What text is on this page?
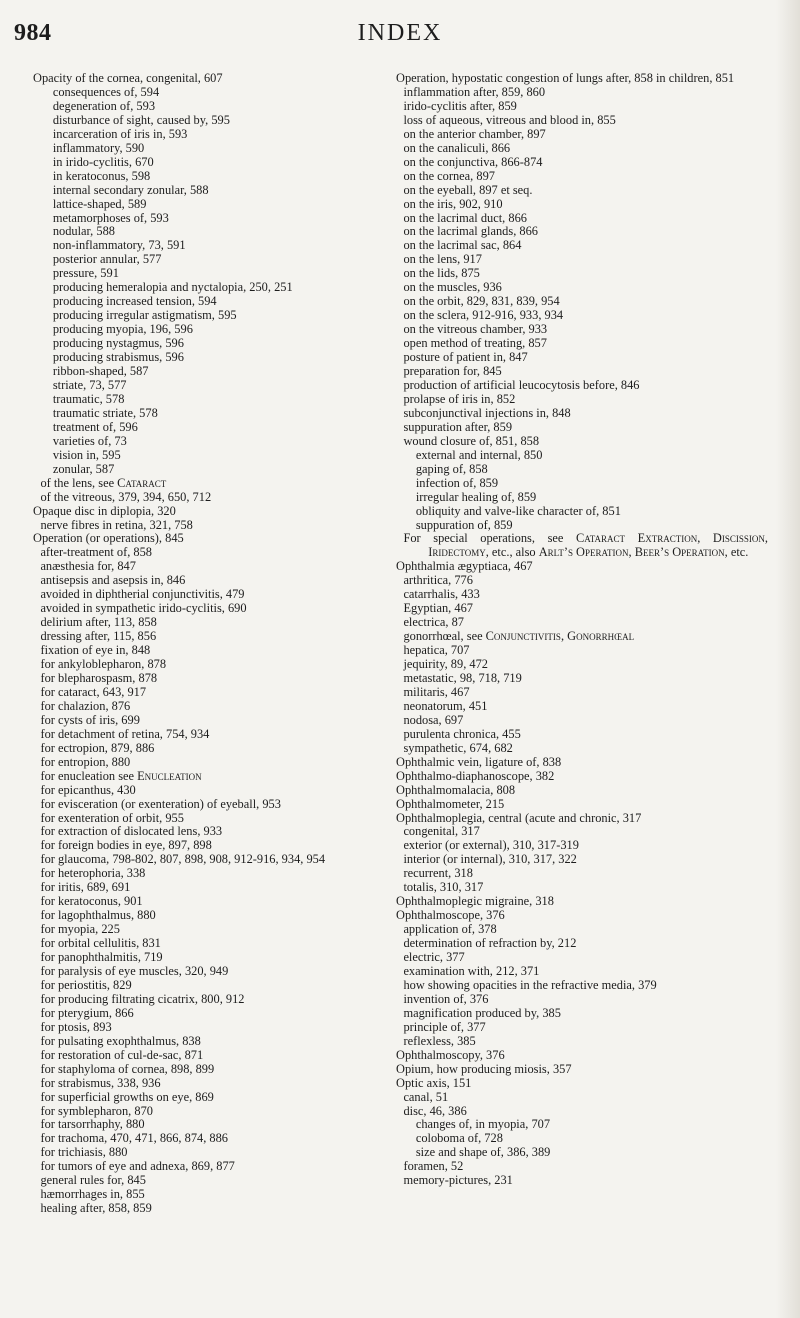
984	INDEX
Opacity of the cornea, congenital, 607
consequences of, 594
degeneration of, 593
disturbance of sight, caused by, 595
incarceration of iris in, 593
inflammatory, 590
in irido-cyclitis, 670
in keratoconus, 598
internal secondary zonular, 588
lattice-shaped, 589
metamorphoses of, 593
nodular, 588
non-inflammatory, 73, 591
posterior annular, 577
pressure, 591
producing hemeralopia and nyctalopia, 250, 251
producing increased tension, 594
producing irregular astigmatism, 595
producing myopia, 196, 596
producing nystagmus, 596
producing strabismus, 596
ribbon-shaped, 587
striate, 73, 577
traumatic, 578
traumatic striate, 578
treatment of, 596
varieties of, 73
vision in, 595
zonular, 587
of the lens, see Cataract
of the vitreous, 379, 394, 650, 712
Opaque disc in diplopia, 320
nerve fibres in retina, 321, 758
Operation (or operations), 845
after-treatment of, 858
anæsthesia for, 847
antisepsis and asepsis in, 846
avoided in diphtherial conjunctivitis, 479
avoided in sympathetic irido-cyclitis, 690
delirium after, 113, 858
dressing after, 115, 856
fixation of eye in, 848
for ankyloblepharon, 878
for blepharospasm, 878
for cataract, 643, 917
for chalazion, 876
for cysts of iris, 699
for detachment of retina, 754, 934
for ectropion, 879, 886
for entropion, 880
for enucleation see Enucleation
for epicanthus, 430
for evisceration (or exenteration) of eyeball, 953
for exenteration of orbit, 955
for extraction of dislocated lens, 933
for foreign bodies in eye, 897, 898
for glaucoma, 798-802, 807, 898, 908, 912-916, 934, 954
for heterophoria, 338
for iritis, 689, 691
for keratoconus, 901
for lagophthalmus, 880
for myopia, 225
for orbital cellulitis, 831
for panophthalmitis, 719
for paralysis of eye muscles, 320, 949
for periostitis, 829
for producing filtrating cicatrix, 800, 912
for pterygium, 866
for ptosis, 893
for pulsating exophthalmus, 838
for restoration of cul-de-sac, 871
for staphyloma of cornea, 898, 899
for strabismus, 338, 936
for superficial growths on eye, 869
for symblepharon, 870
for tarsorrhaphy, 880
for trachoma, 470, 471, 866, 874, 886
for trichiasis, 880
for tumors of eye and adnexa, 869, 877
general rules for, 845
hæmorrhages in, 855
healing after, 858, 859
Operation, hypostatic congestion of lungs after, 858 in children, 851
inflammation after, 859, 860
irido-cyclitis after, 859
loss of aqueous, vitreous and blood in, 855
on the anterior chamber, 897
on the canaliculi, 866
on the conjunctiva, 866-874
on the cornea, 897
on the eyeball, 897 et seq.
on the iris, 902, 910
on the lacrimal duct, 866
on the lacrimal glands, 866
on the lacrimal sac, 864
on the lens, 917
on the lids, 875
on the muscles, 936
on the orbit, 829, 831, 839, 954
on the sclera, 912-916, 933, 934
on the vitreous chamber, 933
open method of treating, 857
posture of patient in, 847
preparation for, 845
production of artificial leucocytosis before, 846
prolapse of iris in, 852
subconjunctival injections in, 848
suppuration after, 859
wound closure of, 851, 858
external and internal, 850
gaping of, 858
infection of, 859
irregular healing of, 859
obliquity and valve-like character of, 851
suppuration of, 859
For special operations, see Cataract Extraction, Discission, Iridectomy, etc., also Arlt’s Operation, Beer’s Operation, etc.
Ophthalmia ægyptiaca, 467
arthritica, 776
catarrhalis, 433
Egyptian, 467
electrica, 87
gonorrhœal, see Conjunctivitis, Gonorrhœal
hepatica, 707
jequirity, 89, 472
metastatic, 98, 718, 719
militaris, 467
neonatorum, 451
nodosa, 697
purulenta chronica, 455
sympathetic, 674, 682
Ophthalmic vein, ligature of, 838
Ophthalmo-diaphanoscope, 382
Ophthalmomalacia, 808
Ophthalmometer, 215
Ophthalmoplegia, central (acute and chronic, 317
congenital, 317
exterior (or external), 310, 317-319
interior (or internal), 310, 317, 322
recurrent, 318
totalis, 310, 317
Ophthalmoplegic migraine, 318
Ophthalmoscope, 376
application of, 378
determination of refraction by, 212
electric, 377
examination with, 212, 371
how showing opacities in the refractive media, 379
invention of, 376
magnification produced by, 385
principle of, 377
reflexless, 385
Ophthalmoscopy, 376
Opium, how producing miosis, 357
Optic axis, 151
canal, 51
disc, 46, 386
changes of, in myopia, 707
coloboma of, 728
size and shape of, 386, 389
foramen, 52
memory-pictures, 231
